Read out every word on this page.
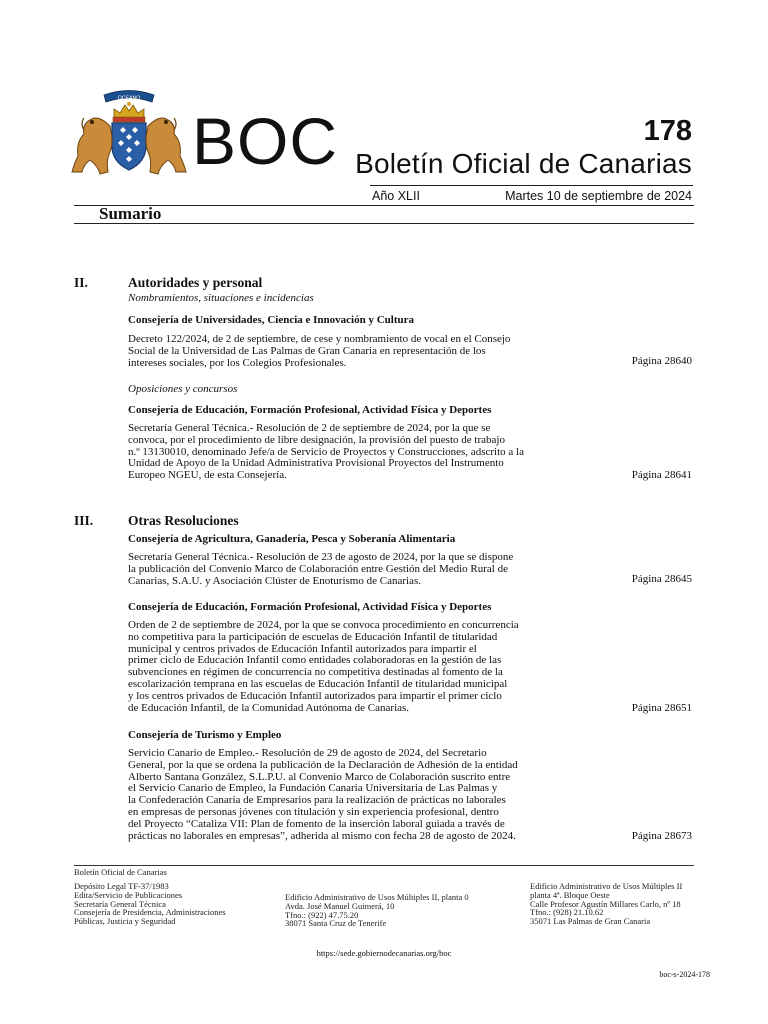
OCEANO
BOC	178
Boletín Oficial de Canarias
Año XLII	Martes 10 de septiembre de 2024
Sumario
II.	Autoridades y personal
Nombramientos, situaciones e incidencias
Consejería de Universidades, Ciencia e Innovación y Cultura
Decreto 122/2024, de 2 de septiembre, de cese y nombramiento de vocal en el Consejo
Social de la Universidad de Las Palmas de Gran Canaria en representación de los
intereses sociales, por los Colegios Profesionales.	Página 28640
Oposiciones y concursos
Consejería de Educación, Formación Profesional, Actividad Física y Deportes
Secretaría General Técnica.- Resolución de 2 de septiembre de 2024, por la que se
convoca, por el procedimiento de libre designación, la provisión del puesto de trabajo
n.º 13130010, denominado Jefe/a de Servicio de Proyectos y Construcciones, adscrito a la
Unidad de Apoyo de la Unidad Administrativa Provisional Proyectos del Instrumento
Europeo NGEU, de esta Consejería.	Página 28641
III.	Otras Resoluciones
Consejería de Agricultura, Ganadería, Pesca y Soberanía Alimentaria
Secretaría General Técnica.- Resolución de 23 de agosto de 2024, por la que se dispone
la publicación del Convenio Marco de Colaboración entre Gestión del Medio Rural de
Canarias, S.A.U. y Asociación Clúster de Enoturismo de Canarias.	Página 28645
Consejería de Educación, Formación Profesional, Actividad Física y Deportes
Orden de 2 de septiembre de 2024, por la que se convoca procedimiento en concurrencia
no competitiva para la participación de escuelas de Educación Infantil de titularidad
municipal y centros privados de Educación Infantil autorizados para impartir el
primer ciclo de Educación Infantil como entidades colaboradoras en la gestión de las
subvenciones en régimen de concurrencia no competitiva destinadas al fomento de la
escolarización temprana en las escuelas de Educación Infantil de titularidad municipal
y los centros privados de Educación Infantil autorizados para impartir el primer ciclo
de Educación Infantil, de la Comunidad Autónoma de Canarias.	Página 28651
Consejería de Turismo y Empleo
Servicio Canario de Empleo.- Resolución de 29 de agosto de 2024, del Secretario
General, por la que se ordena la publicación de la Declaración de Adhesión de la entidad
Alberto Santana González, S.L.P.U. al Convenio Marco de Colaboración suscrito entre
el Servicio Canario de Empleo, la Fundación Canaria Universitaria de Las Palmas y
la Confederación Canaria de Empresarios para la realización de prácticas no laborales
en empresas de personas jóvenes con titulación y sin experiencia profesional, dentro
del Proyecto “Cataliza VII: Plan de fomento de la inserción laboral guiada a través de
prácticas no laborales en empresas”, adherida al mismo con fecha 28 de agosto de 2024.	Página 28673
Boletín Oficial de Canarias
Depósito Legal TF-37/1983
Edita/Servicio de Publicaciones
Secretaría General Técnica
Consejería de Presidencia, Administraciones
Públicas, Justicia y Seguridad
Edificio Administrativo de Usos Múltiples II, planta 0
Avda. José Manuel Guimerá, 10
Tfno.: (922) 47.75.20
38071 Santa Cruz de Tenerife
Edificio Administrativo de Usos Múltiples II
planta 4ª. Bloque Oeste
Calle Profesor Agustín Millares Carlo, nº 18
Tfno.: (928) 21.10.62
35071 Las Palmas de Gran Canaria
https://sede.gobiernodecanarias.org/boc
boc-s-2024-178
